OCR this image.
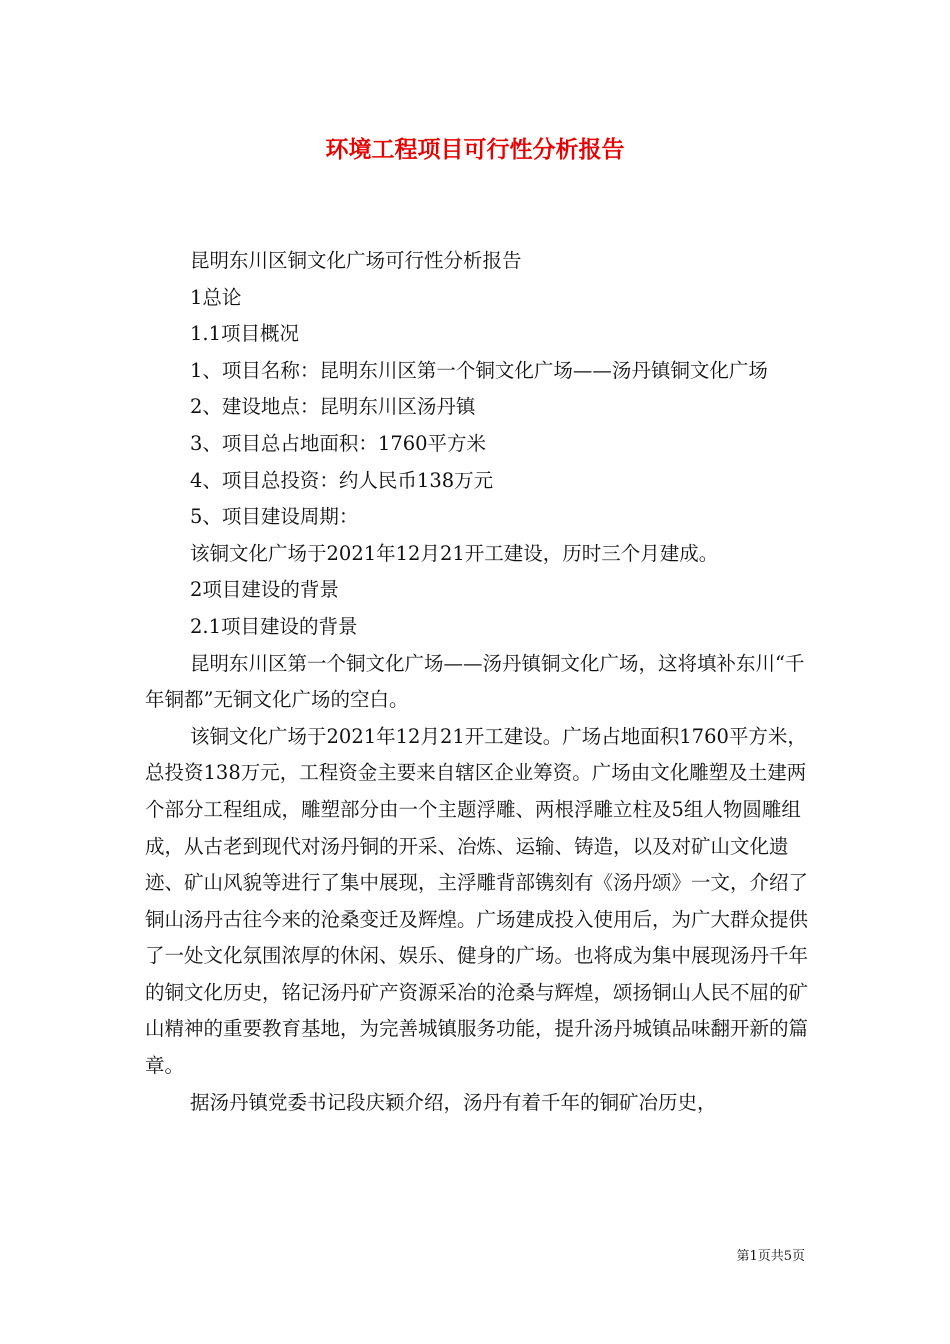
环境工程项目可行性分析报告

昆明东川区铜文化广场可行性分析报告

1总论

1.1项目概况

1、项目名称：昆明东川区第一个铜文化广场——汤丹镇铜文化广场

2、建设地点：昆明东川区汤丹镇

3、项目总占地面积：1760平方米

4、项目总投资：约人民币138万元

5、项目建设周期：

该铜文化广场于2021年12月21开工建设，历时三个月建成。

2项目建设的背景

2.1项目建设的背景

昆明东川区第一个铜文化广场——汤丹镇铜文化广场，这将填补东川“千年铜都”无铜文化广场的空白。

该铜文化广场于2021年12月21开工建设。广场占地面积1760平方米，总投资138万元，工程资金主要来自辖区企业筹资。广场由文化雕塑及土建两个部分工程组成，雕塑部分由一个主题浮雕、两根浮雕立柱及5组人物圆雕组成，从古老到现代对汤丹铜的开采、冶炼、运输、铸造，以及对矿山文化遗迹、矿山风貌等进行了集中展现，主浮雕背部镌刻有《汤丹颂》一文，介绍了铜山汤丹古往今来的沧桑变迁及辉煌。广场建成投入使用后，为广大群众提供了一处文化氛围浓厚的休闲、娱乐、健身的广场。也将成为集中展现汤丹千年的铜文化历史，铭记汤丹矿产资源采冶的沧桑与辉煌，颂扬铜山人民不屈的矿山精神的重要教育基地，为完善城镇服务功能，提升汤丹城镇品味翻开新的篇章。

据汤丹镇党委书记段庆颖介绍，汤丹有着千年的铜矿冶历史，

第1页共5页
